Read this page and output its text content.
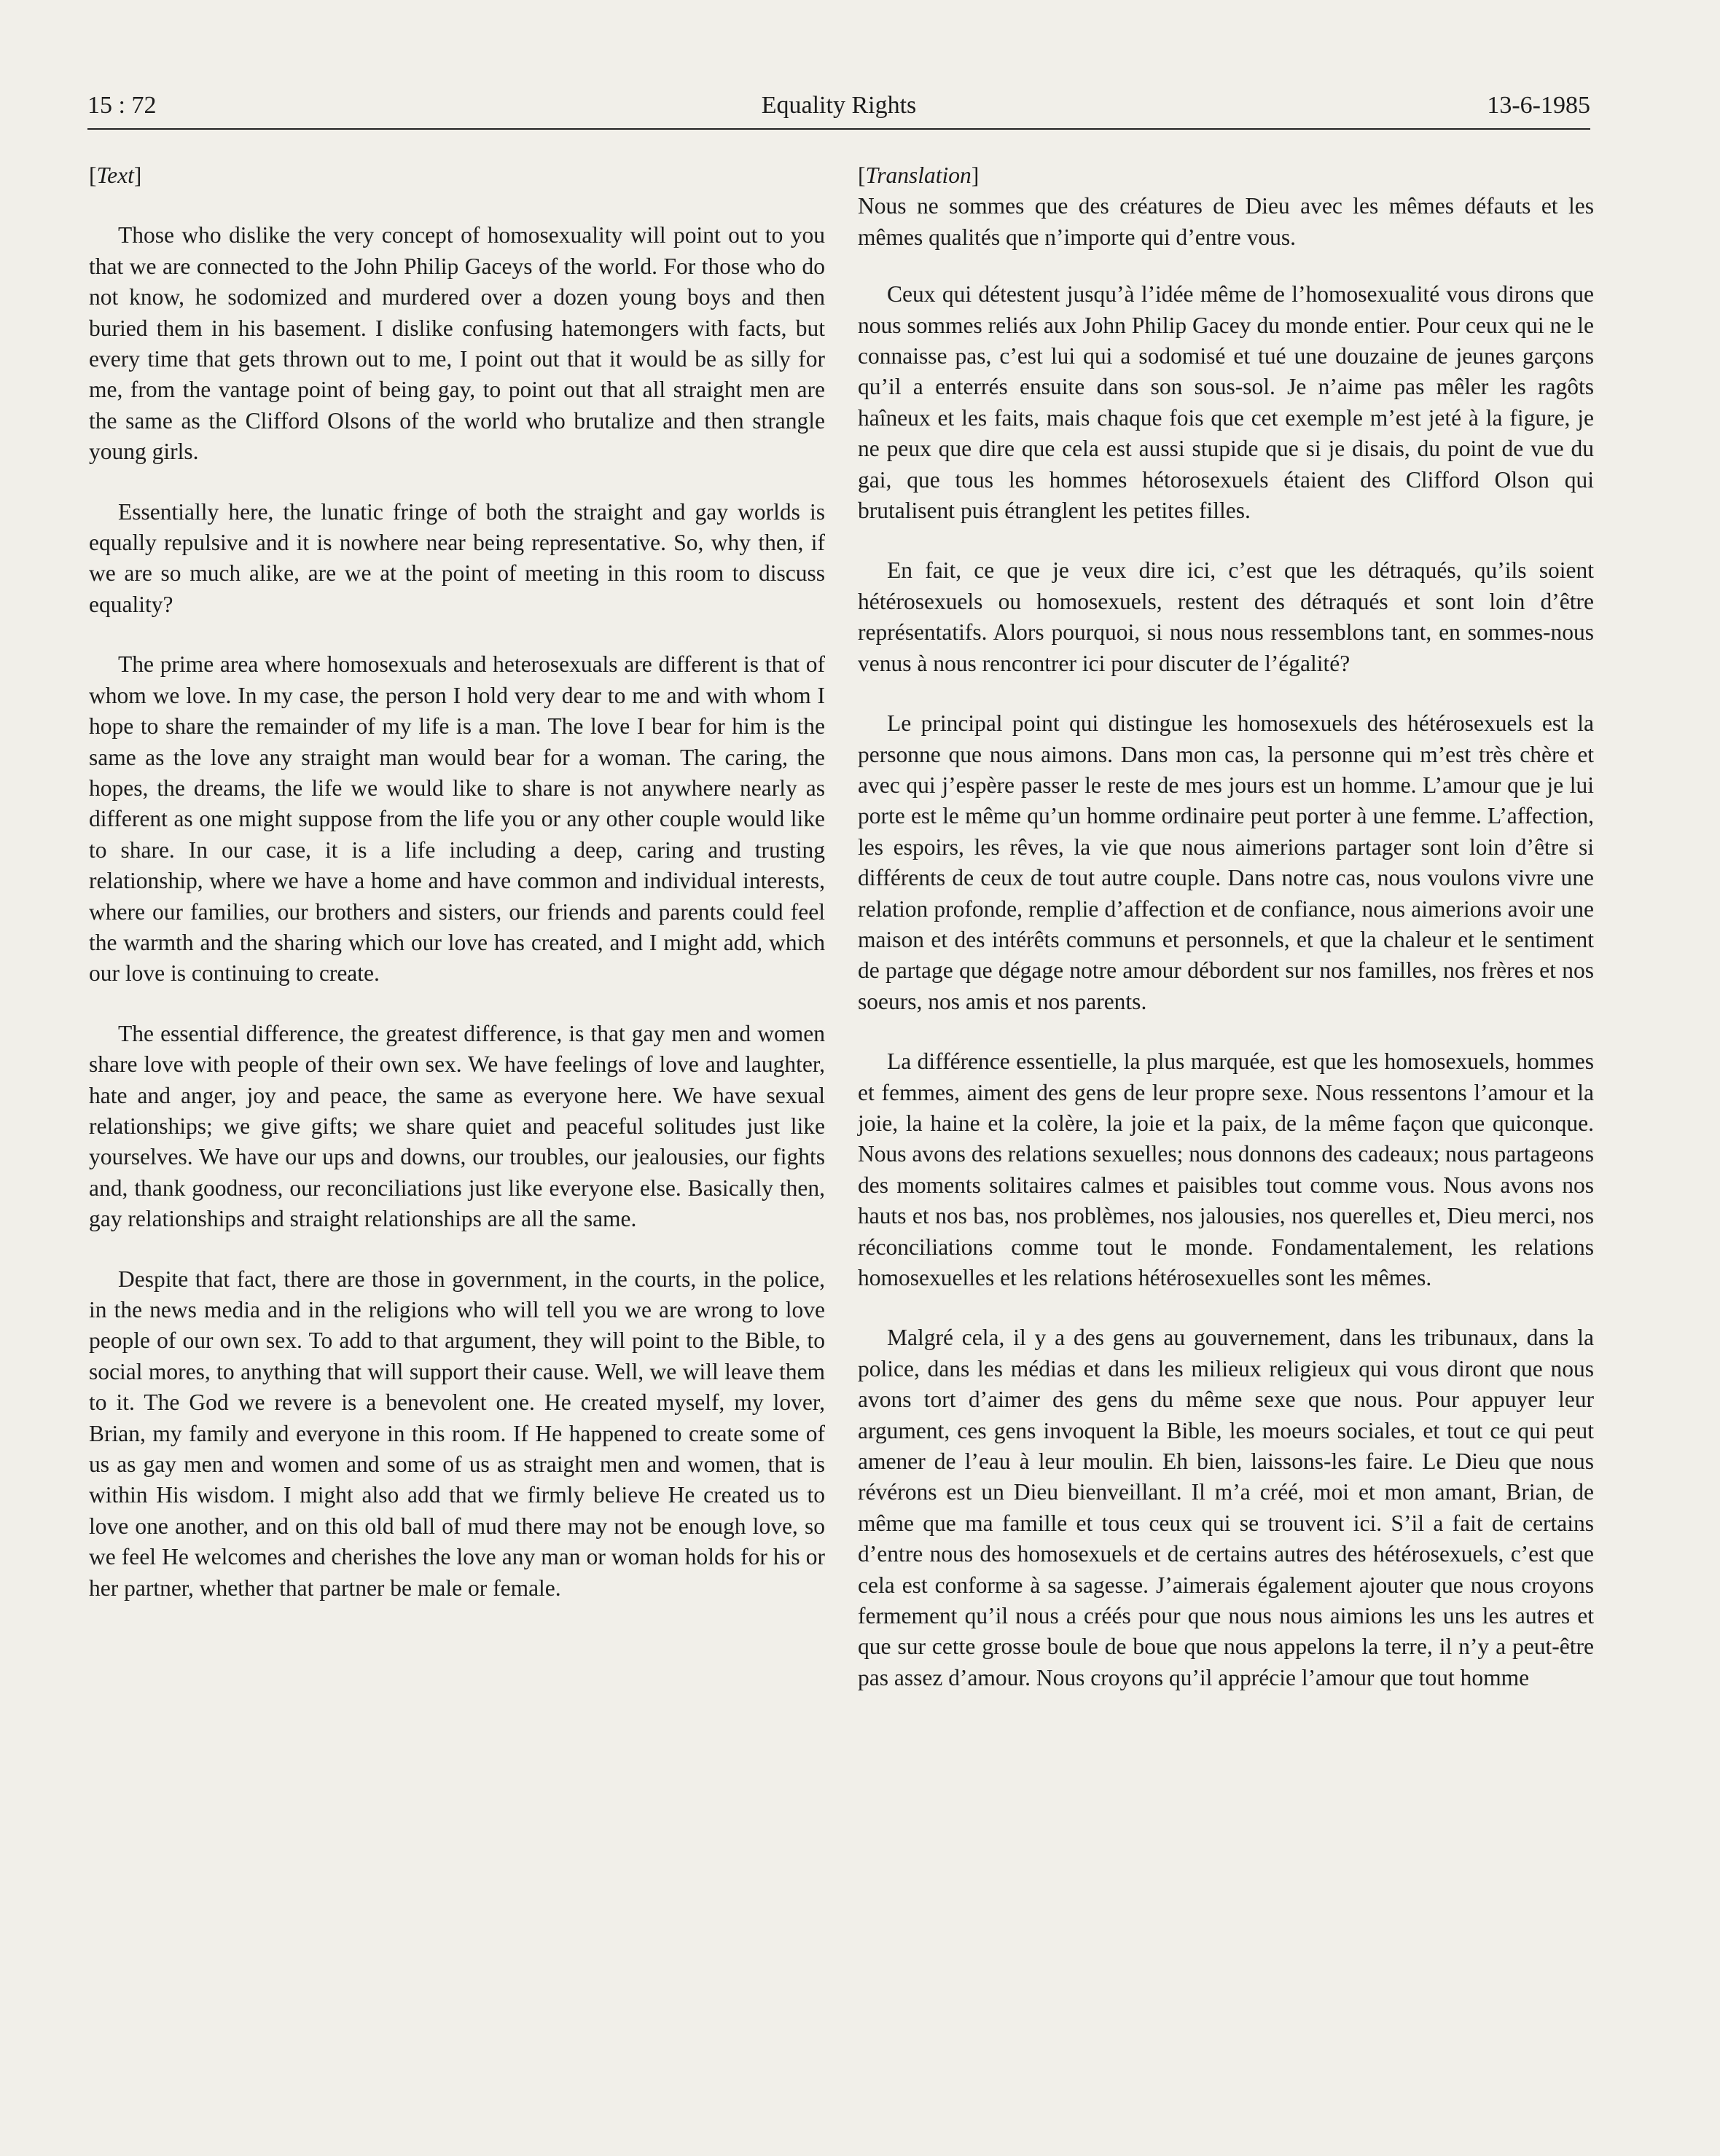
15 : 72	Equality Rights	13-6-1985
[Text]

Those who dislike the very concept of homosexuality will point out to you that we are connected to the John Philip Gaceys of the world. For those who do not know, he sodomized and murdered over a dozen young boys and then buried them in his basement. I dislike confusing hatemongers with facts, but every time that gets thrown out to me, I point out that it would be as silly for me, from the vantage point of being gay, to point out that all straight men are the same as the Clifford Olsons of the world who brutalize and then strangle young girls.

Essentially here, the lunatic fringe of both the straight and gay worlds is equally repulsive and it is nowhere near being representative. So, why then, if we are so much alike, are we at the point of meeting in this room to discuss equality?

The prime area where homosexuals and heterosexuals are different is that of whom we love. In my case, the person I hold very dear to me and with whom I hope to share the remainder of my life is a man. The love I bear for him is the same as the love any straight man would bear for a woman. The caring, the hopes, the dreams, the life we would like to share is not anywhere nearly as different as one might suppose from the life you or any other couple would like to share. In our case, it is a life including a deep, caring and trusting relationship, where we have a home and have common and individual interests, where our families, our brothers and sisters, our friends and parents could feel the warmth and the sharing which our love has created, and I might add, which our love is continuing to create.

The essential difference, the greatest difference, is that gay men and women share love with people of their own sex. We have feelings of love and laughter, hate and anger, joy and peace, the same as everyone here. We have sexual relationships; we give gifts; we share quiet and peaceful solitudes just like yourselves. We have our ups and downs, our troubles, our jealousies, our fights and, thank goodness, our reconciliations just like everyone else. Basically then, gay relationships and straight relationships are all the same.

Despite that fact, there are those in government, in the courts, in the police, in the news media and in the religions who will tell you we are wrong to love people of our own sex. To add to that argument, they will point to the Bible, to social mores, to anything that will support their cause. Well, we will leave them to it. The God we revere is a benevolent one. He created myself, my lover, Brian, my family and everyone in this room. If He happened to create some of us as gay men and women and some of us as straight men and women, that is within His wisdom. I might also add that we firmly believe He created us to love one another, and on this old ball of mud there may not be enough love, so we feel He welcomes and cherishes the love any man or woman holds for his or her partner, whether that partner be male or female.

[Translation]

Nous ne sommes que des créatures de Dieu avec les mêmes défauts et les mêmes qualités que n’importe qui d’entre vous.

Ceux qui détestent jusqu’à l’idée même de l’homosexualité vous dirons que nous sommes reliés aux John Philip Gacey du monde entier. Pour ceux qui ne le connaisse pas, c’est lui qui a sodomisé et tué une douzaine de jeunes garçons qu’il a enterrés ensuite dans son sous-sol. Je n’aime pas mêler les ragôts haîneux et les faits, mais chaque fois que cet exemple m’est jeté à la figure, je ne peux que dire que cela est aussi stupide que si je disais, du point de vue du gai, que tous les hommes hétorosexuels étaient des Clifford Olson qui brutalisent puis étranglent les petites filles.

En fait, ce que je veux dire ici, c’est que les détraqués, qu’ils soient hétérosexuels ou homosexuels, restent des détraqués et sont loin d’être représentatifs. Alors pourquoi, si nous nous ressemblons tant, en sommes-nous venus à nous rencontrer ici pour discuter de l’égalité?

Le principal point qui distingue les homosexuels des hétérosexuels est la personne que nous aimons. Dans mon cas, la personne qui m’est très chère et avec qui j’espère passer le reste de mes jours est un homme. L’amour que je lui porte est le même qu’un homme ordinaire peut porter à une femme. L’affection, les espoirs, les rêves, la vie que nous aimerions partager sont loin d’être si différents de ceux de tout autre couple. Dans notre cas, nous voulons vivre une relation profonde, remplie d’affection et de confiance, nous aimerions avoir une maison et des intérêts communs et personnels, et que la chaleur et le sentiment de partage que dégage notre amour débordent sur nos familles, nos frères et nos soeurs, nos amis et nos parents.

La différence essentielle, la plus marquée, est que les homosexuels, hommes et femmes, aiment des gens de leur propre sexe. Nous ressentons l’amour et la joie, la haine et la colère, la joie et la paix, de la même façon que quiconque. Nous avons des relations sexuelles; nous donnons des cadeaux; nous partageons des moments solitaires calmes et paisibles tout comme vous. Nous avons nos hauts et nos bas, nos problèmes, nos jalousies, nos querelles et, Dieu merci, nos réconciliations comme tout le monde. Fondamentalement, les relations homosexuelles et les relations hétérosexuelles sont les mêmes.

Malgré cela, il y a des gens au gouvernement, dans les tribunaux, dans la police, dans les médias et dans les milieux religieux qui vous diront que nous avons tort d’aimer des gens du même sexe que nous. Pour appuyer leur argument, ces gens invoquent la Bible, les moeurs sociales, et tout ce qui peut amener de l’eau à leur moulin. Eh bien, laissons-les faire. Le Dieu que nous révérons est un Dieu bienveillant. Il m’a créé, moi et mon amant, Brian, de même que ma famille et tous ceux qui se trouvent ici. S’il a fait de certains d’entre nous des homosexuels et de certains autres des hétérosexuels, c’est que cela est conforme à sa sagesse. J’aimerais également ajouter que nous croyons fermement qu’il nous a créés pour que nous nous aimions les uns les autres et que sur cette grosse boule de boue que nous appelons la terre, il n’y a peut-être pas assez d’amour. Nous croyons qu’il apprécie l’amour que tout homme
